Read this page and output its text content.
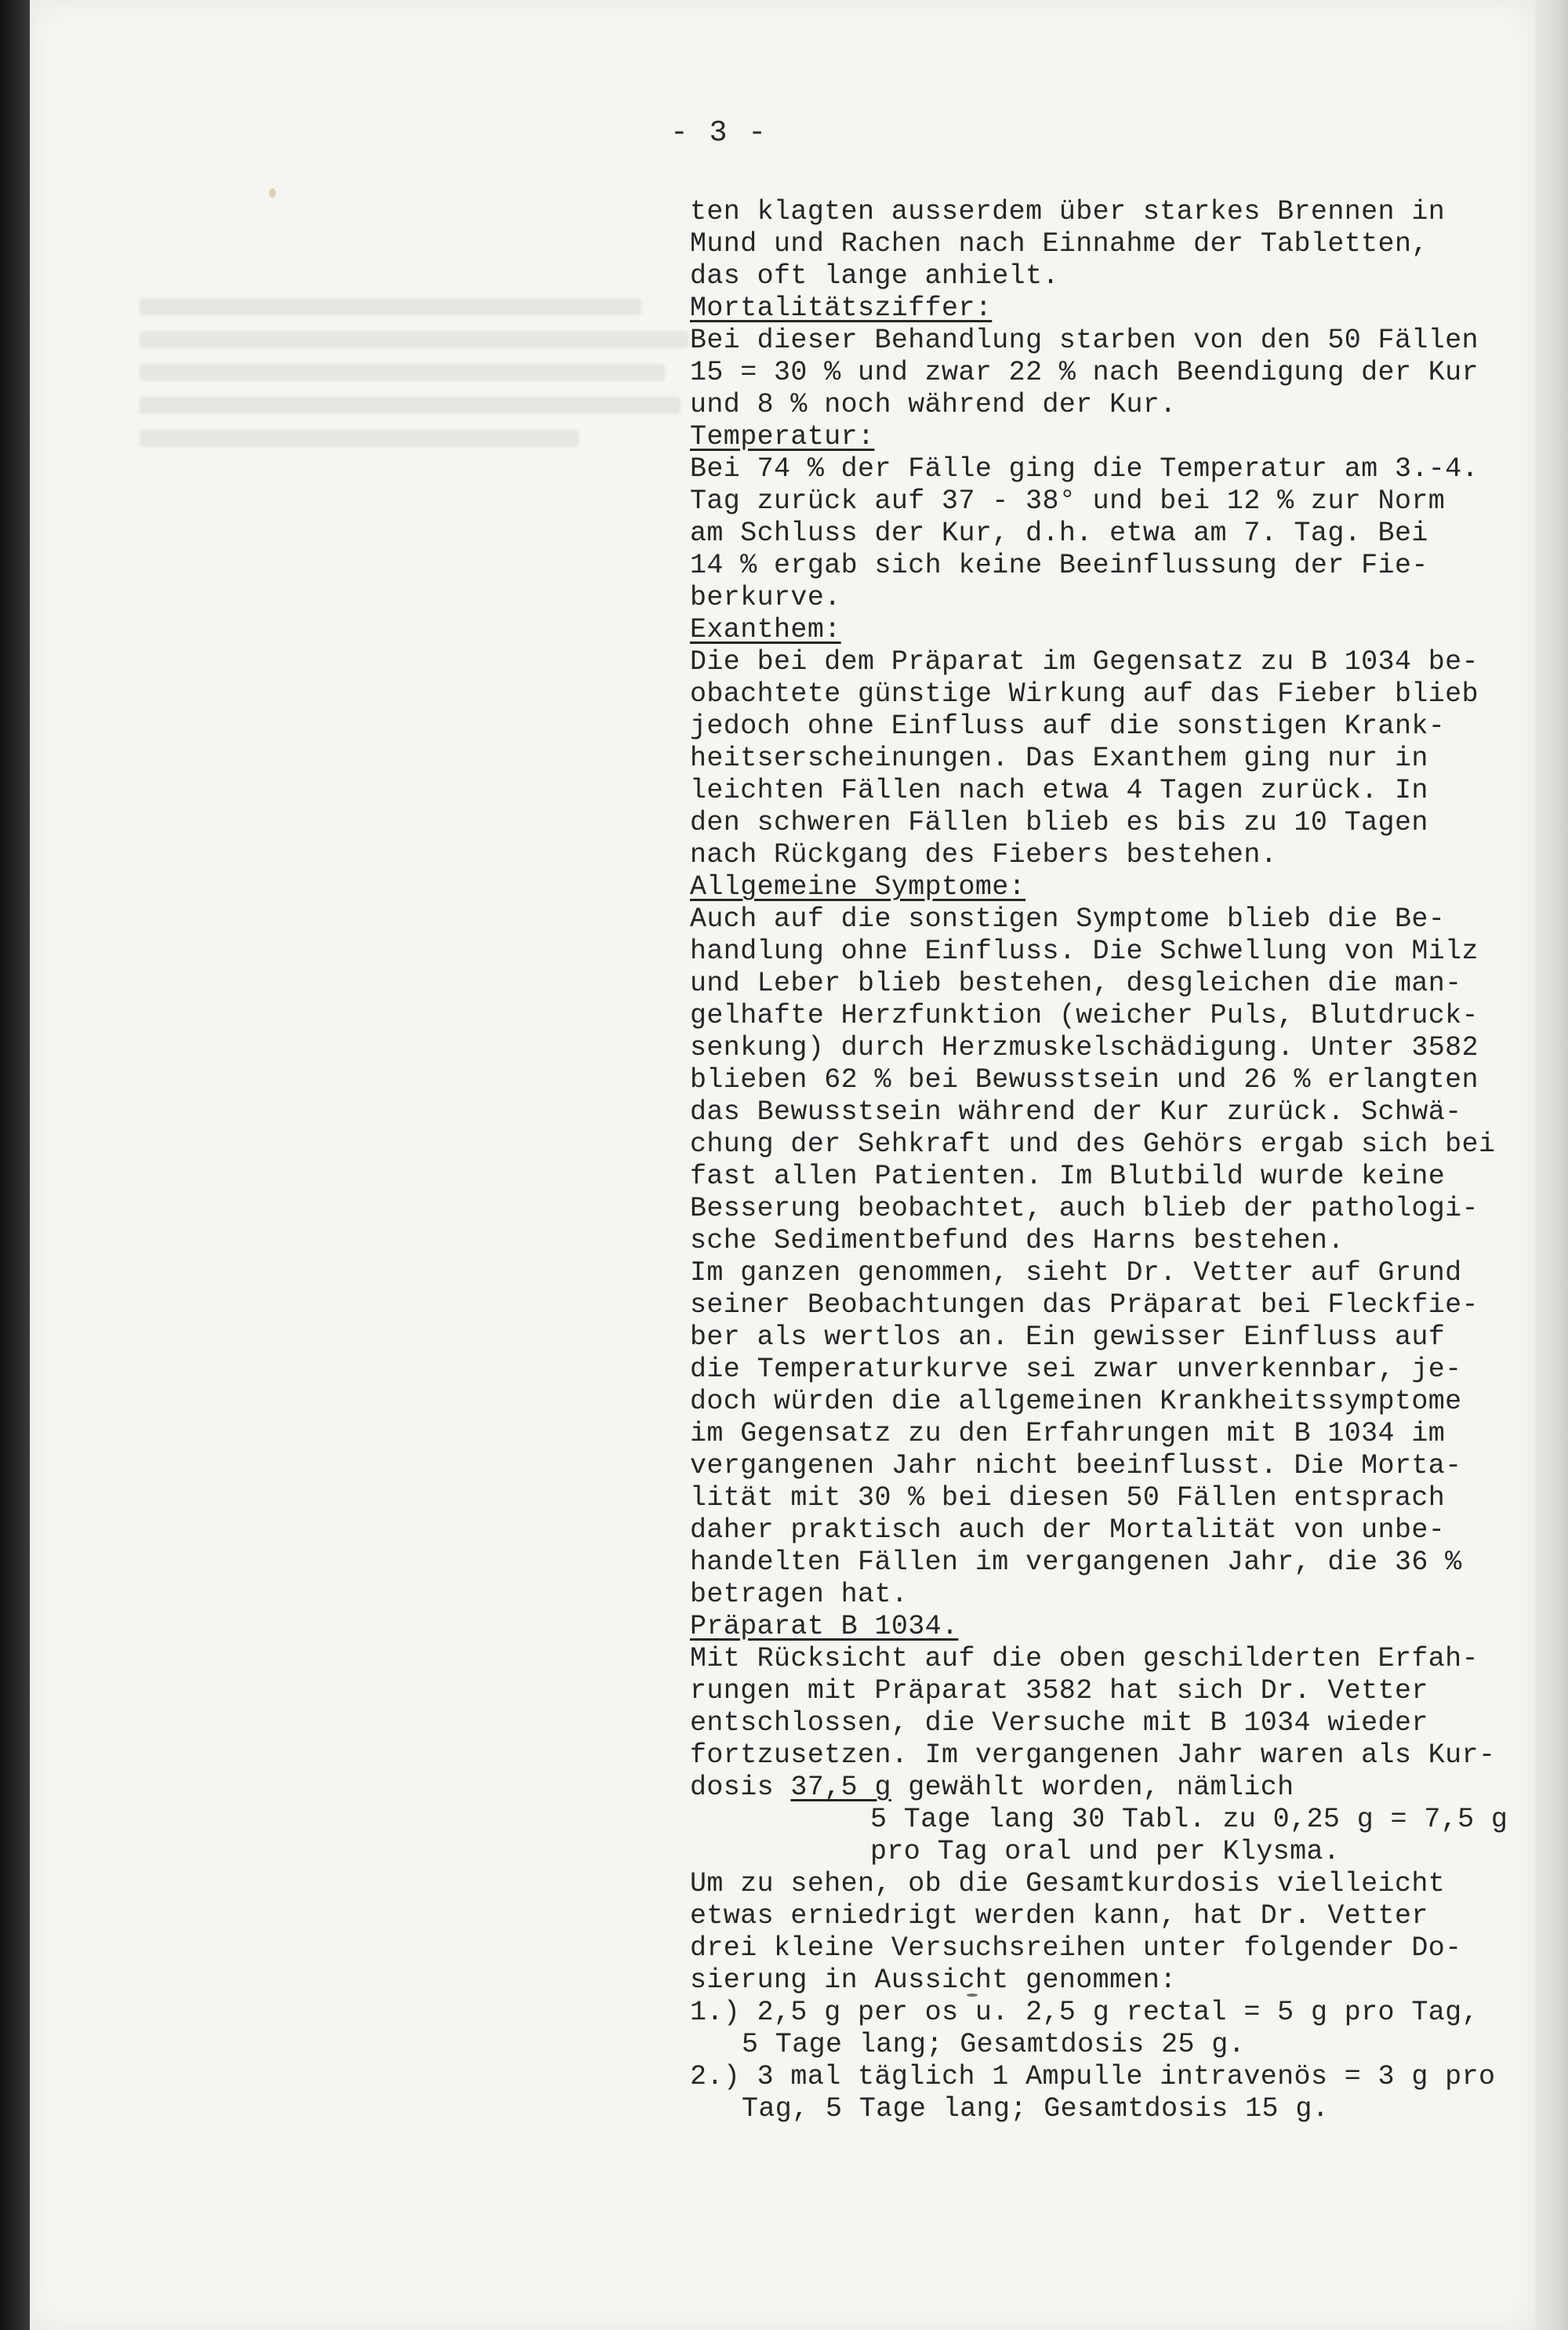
- 3 -
ten klagten ausserdem über starkes Brennen in
Mund und Rachen nach Einnahme der Tabletten,
das oft lange anhielt.
Mortalitätsziffer:
Bei dieser Behandlung starben von den 50 Fällen
15 = 30 % und zwar 22 % nach Beendigung der Kur
und 8 % noch während der Kur.
Temperatur:
Bei 74 % der Fälle ging die Temperatur am 3.-4.
Tag zurück auf 37 - 38° und bei 12 % zur Norm
am Schluss der Kur, d.h. etwa am 7. Tag. Bei
14 % ergab sich keine Beeinflussung der Fie-
berkurve.
Exanthem:
Die bei dem Präparat im Gegensatz zu B 1034 be-
obachtete günstige Wirkung auf das Fieber blieb
jedoch ohne Einfluss auf die sonstigen Krank-
heitserscheinungen. Das Exanthem ging nur in
leichten Fällen nach etwa 4 Tagen zurück. In
den schweren Fällen blieb es bis zu 10 Tagen
nach Rückgang des Fiebers bestehen.
Allgemeine Symptome:
Auch auf die sonstigen Symptome blieb die Be-
handlung ohne Einfluss. Die Schwellung von Milz
und Leber blieb bestehen, desgleichen die man-
gelhafte Herzfunktion (weicher Puls, Blutdruck-
senkung) durch Herzmuskelschädigung. Unter 3582
blieben 62 % bei Bewusstsein und 26 % erlangten
das Bewusstsein während der Kur zurück. Schwä-
chung der Sehkraft und des Gehörs ergab sich bei
fast allen Patienten. Im Blutbild wurde keine
Besserung beobachtet, auch blieb der pathologi-
sche Sedimentbefund des Harns bestehen.
Im ganzen genommen, sieht Dr. Vetter auf Grund
seiner Beobachtungen das Präparat bei Fleckfie-
ber als wertlos an. Ein gewisser Einfluss auf
die Temperaturkurve sei zwar unverkennbar, je-
doch würden die allgemeinen Krankheitssymptome
im Gegensatz zu den Erfahrungen mit B 1034 im
vergangenen Jahr nicht beeinflusst. Die Morta-
lität mit 30 % bei diesen 50 Fällen entsprach
daher praktisch auch der Mortalität von unbe-
handelten Fällen im vergangenen Jahr, die 36 %
betragen hat.
Präparat B 1034.
Mit Rücksicht auf die oben geschilderten Erfah-
rungen mit Präparat 3582 hat sich Dr. Vetter
entschlossen, die Versuche mit B 1034 wieder
fortzusetzen. Im vergangenen Jahr waren als Kur-
dosis 37,5 g gewählt worden, nämlich
5 Tage lang 30 Tabl. zu 0,25 g = 7,5 g
pro Tag oral und per Klysma.
Um zu sehen, ob die Gesamtkurdosis vielleicht
etwas erniedrigt werden kann, hat Dr. Vetter
drei kleine Versuchsreihen unter folgender Do-
sierung in Aussicht genommen:
1.) 2,5 g per os u. 2,5 g rectal = 5 g pro Tag,
5 Tage lang; Gesamtdosis 25 g.
2.) 3 mal täglich 1 Ampulle intravenös = 3 g pro
Tag, 5 Tage lang; Gesamtdosis 15 g.
